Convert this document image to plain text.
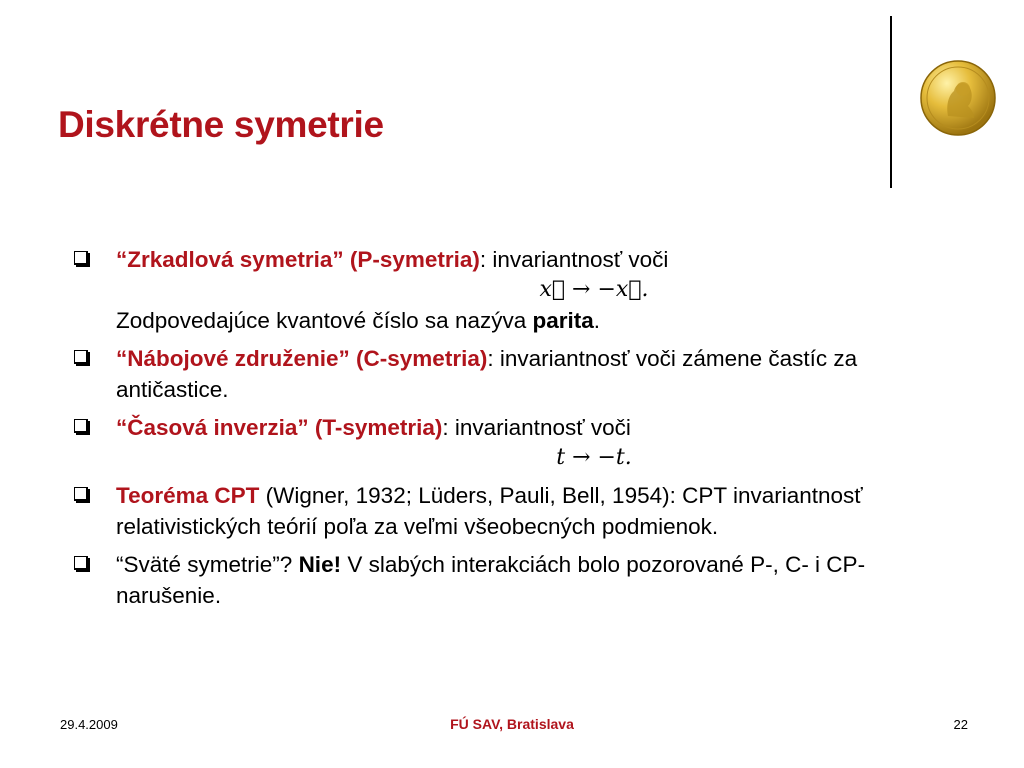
Diskrétne symetrie
“Zrkadlová symetria” (P-symetria): invariantnosť voči
x⃗ → −x⃗.
Zodpovedajúce kvantové číslo sa nazýva parita.
“Nábojové združenie” (C-symetria): invariantnosť voči zámene častíc za antičastice.
“Časová inverzia” (T-symetria): invariantnosť voči
t → −t.
Teoréma CPT (Wigner, 1932; Lüders, Pauli, Bell, 1954): CPT invariantnosť relativistických teórií poľa za veľmi všeobecných podmienok.
“Sväté symetrie”? Nie! V slabých interakciách bolo pozorované P-, C- i CP-narušenie.
29.4.2009	FÚ SAV, Bratislava	22
